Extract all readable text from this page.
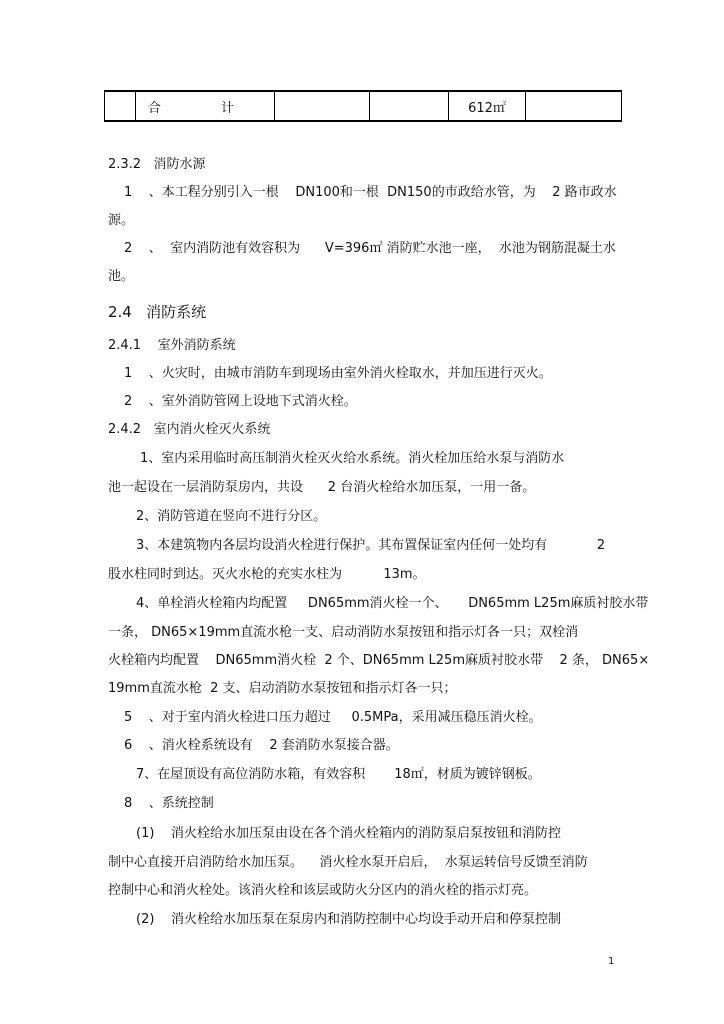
	合 计			612㎡	
2.3.2   消防水源
1    、本工程分别引入一根    DN100和一根  DN150的市政给水管，为    2 路市政水
源。
2    、  室内消防池有效容积为      V=396㎡ 消防贮水池一座，  水池为钢筋混凝土水
池。
2.4   消防系统
2.4.1    室外消防系统
1    、火灾时，由城市消防车到现场由室外消火栓取水，并加压进行灭火。
2    、室外消防管网上设地下式消火栓。
2.4.2   室内消火栓灭火系统
1、室内采用临时高压制消火栓灭火给水系统。消火栓加压给水泵与消防水
池一起设在一层消防泵房内，共设      2 台消火栓给水加压泵，一用一备。
2、消防管道在竖向不进行分区。
3、本建筑物内各层均设消火栓进行保护。其布置保证室内任何一处均有            2
股水柱同时到达。灭火水枪的充实水柱为          13m。
4、单栓消火栓箱内均配置     DN65mm消火栓一个、     DN65mm L25m麻质衬胶水带
一条， DN65×19mm直流水枪一支、启动消防水泵按钮和指示灯各一只；双栓消
火栓箱内均配置    DN65mm消火栓  2 个、DN65mm L25m麻质衬胶水带    2 条， DN65×
19mm直流水枪  2 支、启动消防水泵按钮和指示灯各一只；
5    、对于室内消火栓进口压力超过     0.5MPa，采用减压稳压消火栓。
6    、消火栓系统设有    2 套消防水泵接合器。
7、在屋顶设有高位消防水箱，有效容积       18㎡，材质为镀锌钢板。
8    、系统控制
(1)    消火栓给水加压泵由设在各个消火栓箱内的消防泵启泵按钮和消防控
制中心直接开启消防给水加压泵。    消火栓水泵开启后，  水泵运转信号反馈至消防
控制中心和消火栓处。该消火栓和该层或防火分区内的消火栓的指示灯亮。
(2)    消火栓给水加压泵在泵房内和消防控制中心均设手动开启和停泵控制
1
